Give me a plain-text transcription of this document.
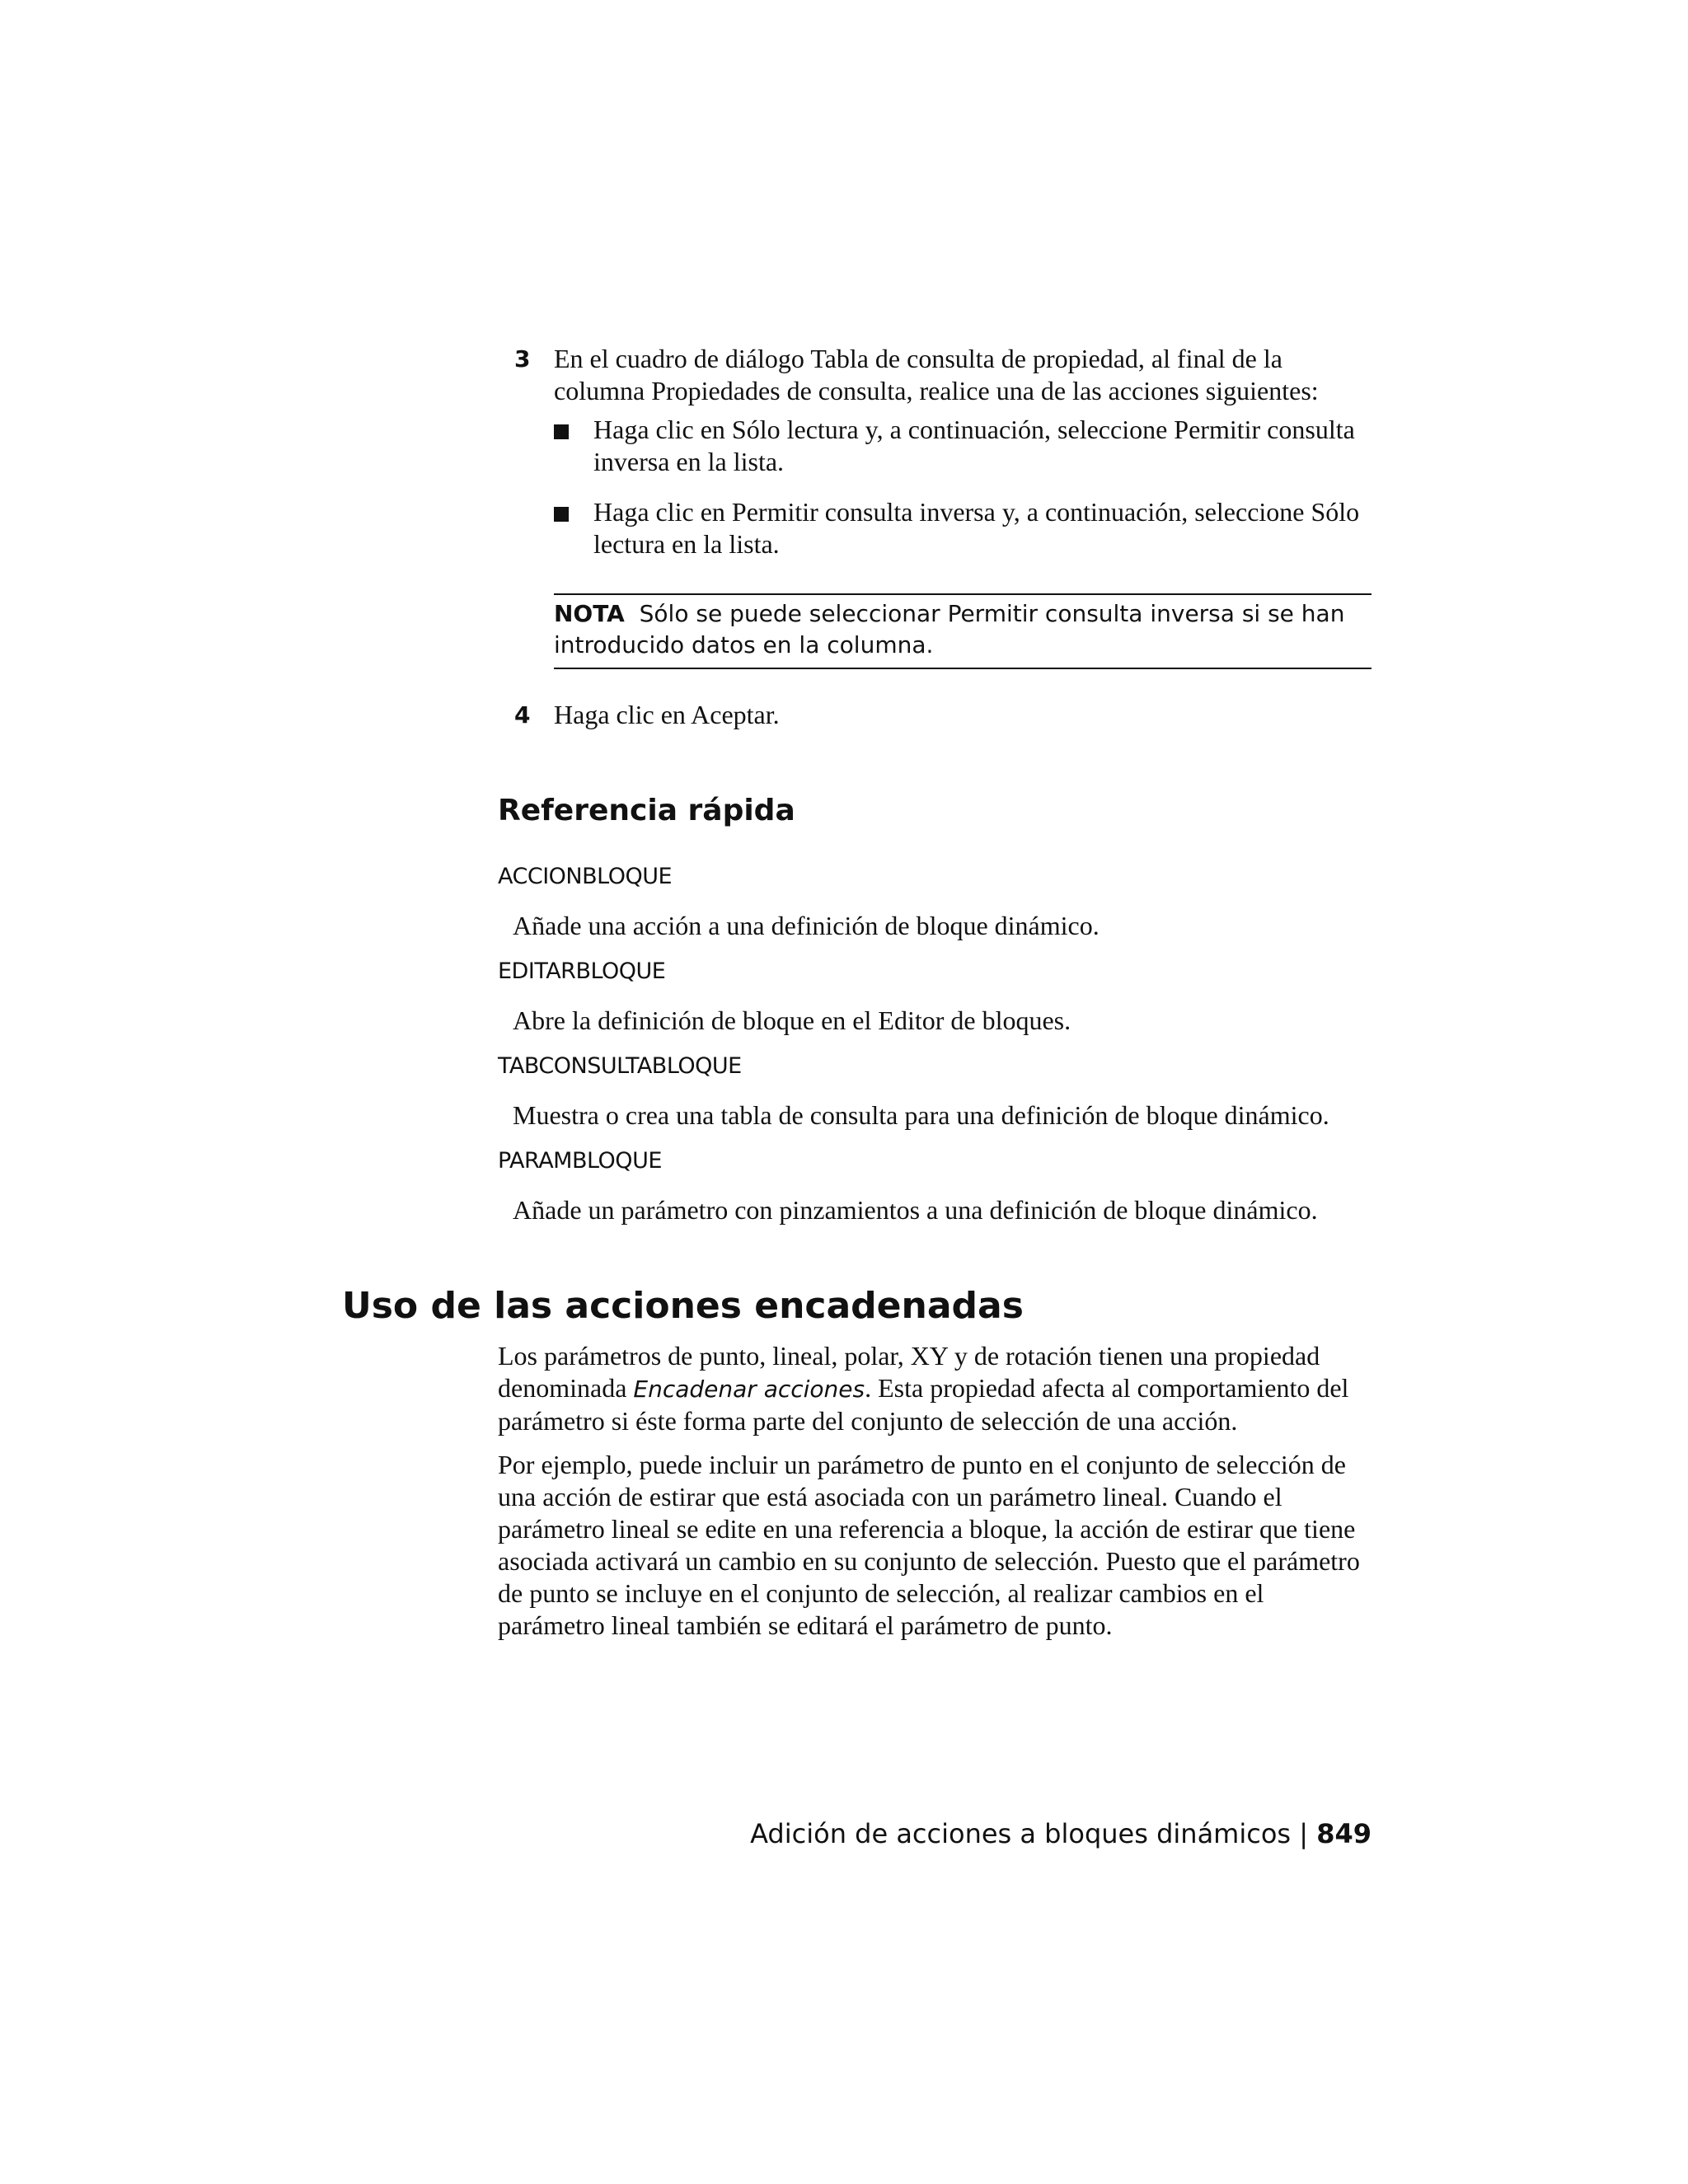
3 En el cuadro de diálogo Tabla de consulta de propiedad, al final de la columna Propiedades de consulta, realice una de las acciones siguientes:
Haga clic en Sólo lectura y, a continuación, seleccione Permitir consulta inversa en la lista.
Haga clic en Permitir consulta inversa y, a continuación, seleccione Sólo lectura en la lista.
NOTA Sólo se puede seleccionar Permitir consulta inversa si se han introducido datos en la columna.
4 Haga clic en Aceptar.
Referencia rápida
ACCIONBLOQUE
Añade una acción a una definición de bloque dinámico.
EDITARBLOQUE
Abre la definición de bloque en el Editor de bloques.
TABCONSULTABLOQUE
Muestra o crea una tabla de consulta para una definición de bloque dinámico.
PARAMBLOQUE
Añade un parámetro con pinzamientos a una definición de bloque dinámico.
Uso de las acciones encadenadas
Los parámetros de punto, lineal, polar, XY y de rotación tienen una propiedad denominada Encadenar acciones. Esta propiedad afecta al comportamiento del parámetro si éste forma parte del conjunto de selección de una acción.
Por ejemplo, puede incluir un parámetro de punto en el conjunto de selección de una acción de estirar que está asociada con un parámetro lineal. Cuando el parámetro lineal se edite en una referencia a bloque, la acción de estirar que tiene asociada activará un cambio en su conjunto de selección. Puesto que el parámetro de punto se incluye en el conjunto de selección, al realizar cambios en el parámetro lineal también se editará el parámetro de punto.
Adición de acciones a bloques dinámicos | 849
